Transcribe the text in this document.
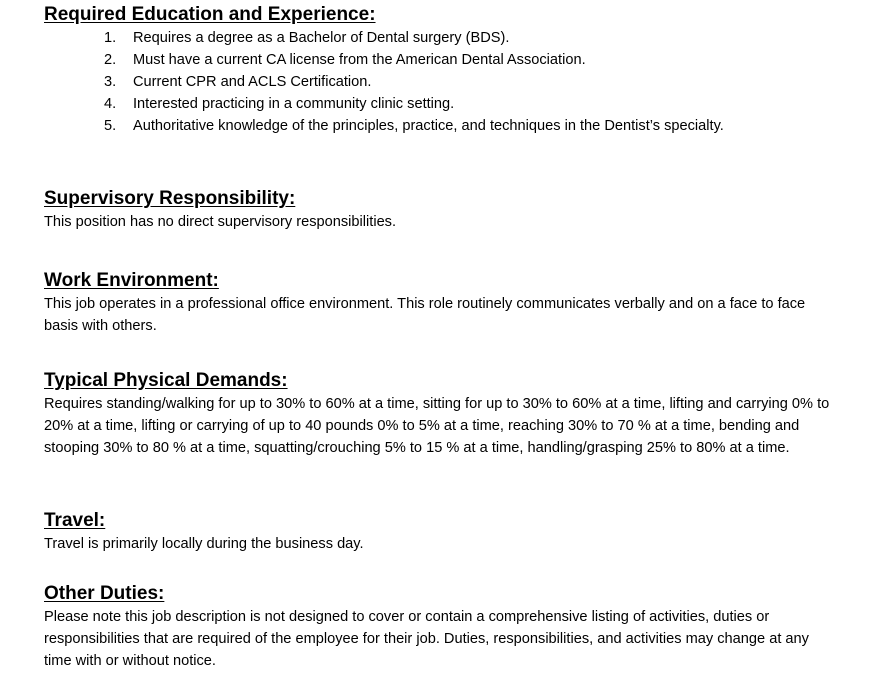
Required Education and Experience:
1. Requires a degree as a Bachelor of Dental surgery (BDS).
2. Must have a current CA license from the American Dental Association.
3. Current CPR and ACLS Certification.
4. Interested practicing in a community clinic setting.
5. Authoritative knowledge of the principles, practice, and techniques in the Dentist’s specialty.
Supervisory Responsibility:

This position has no direct supervisory responsibilities.

Work Environment:

This job operates in a professional office environment. This role routinely communicates verbally and on a face to face basis with others.

Typical Physical Demands:

Requires standing/walking for up to 30% to 60% at a time, sitting for up to 30% to 60% at a time, lifting and carrying 0% to 20% at a time, lifting or carrying of up to 40 pounds 0% to 5% at a time, reaching 30% to 70 % at a time, bending and stooping 30% to 80 % at a time, squatting/crouching 5% to 15 % at a time, handling/grasping 25% to 80% at a time.

Travel:

Travel is primarily locally during the business day.

Other Duties:

Please note this job description is not designed to cover or contain a comprehensive listing of activities, duties or responsibilities that are required of the employee for their job. Duties, responsibilities, and activities may change at any time with or without notice.
